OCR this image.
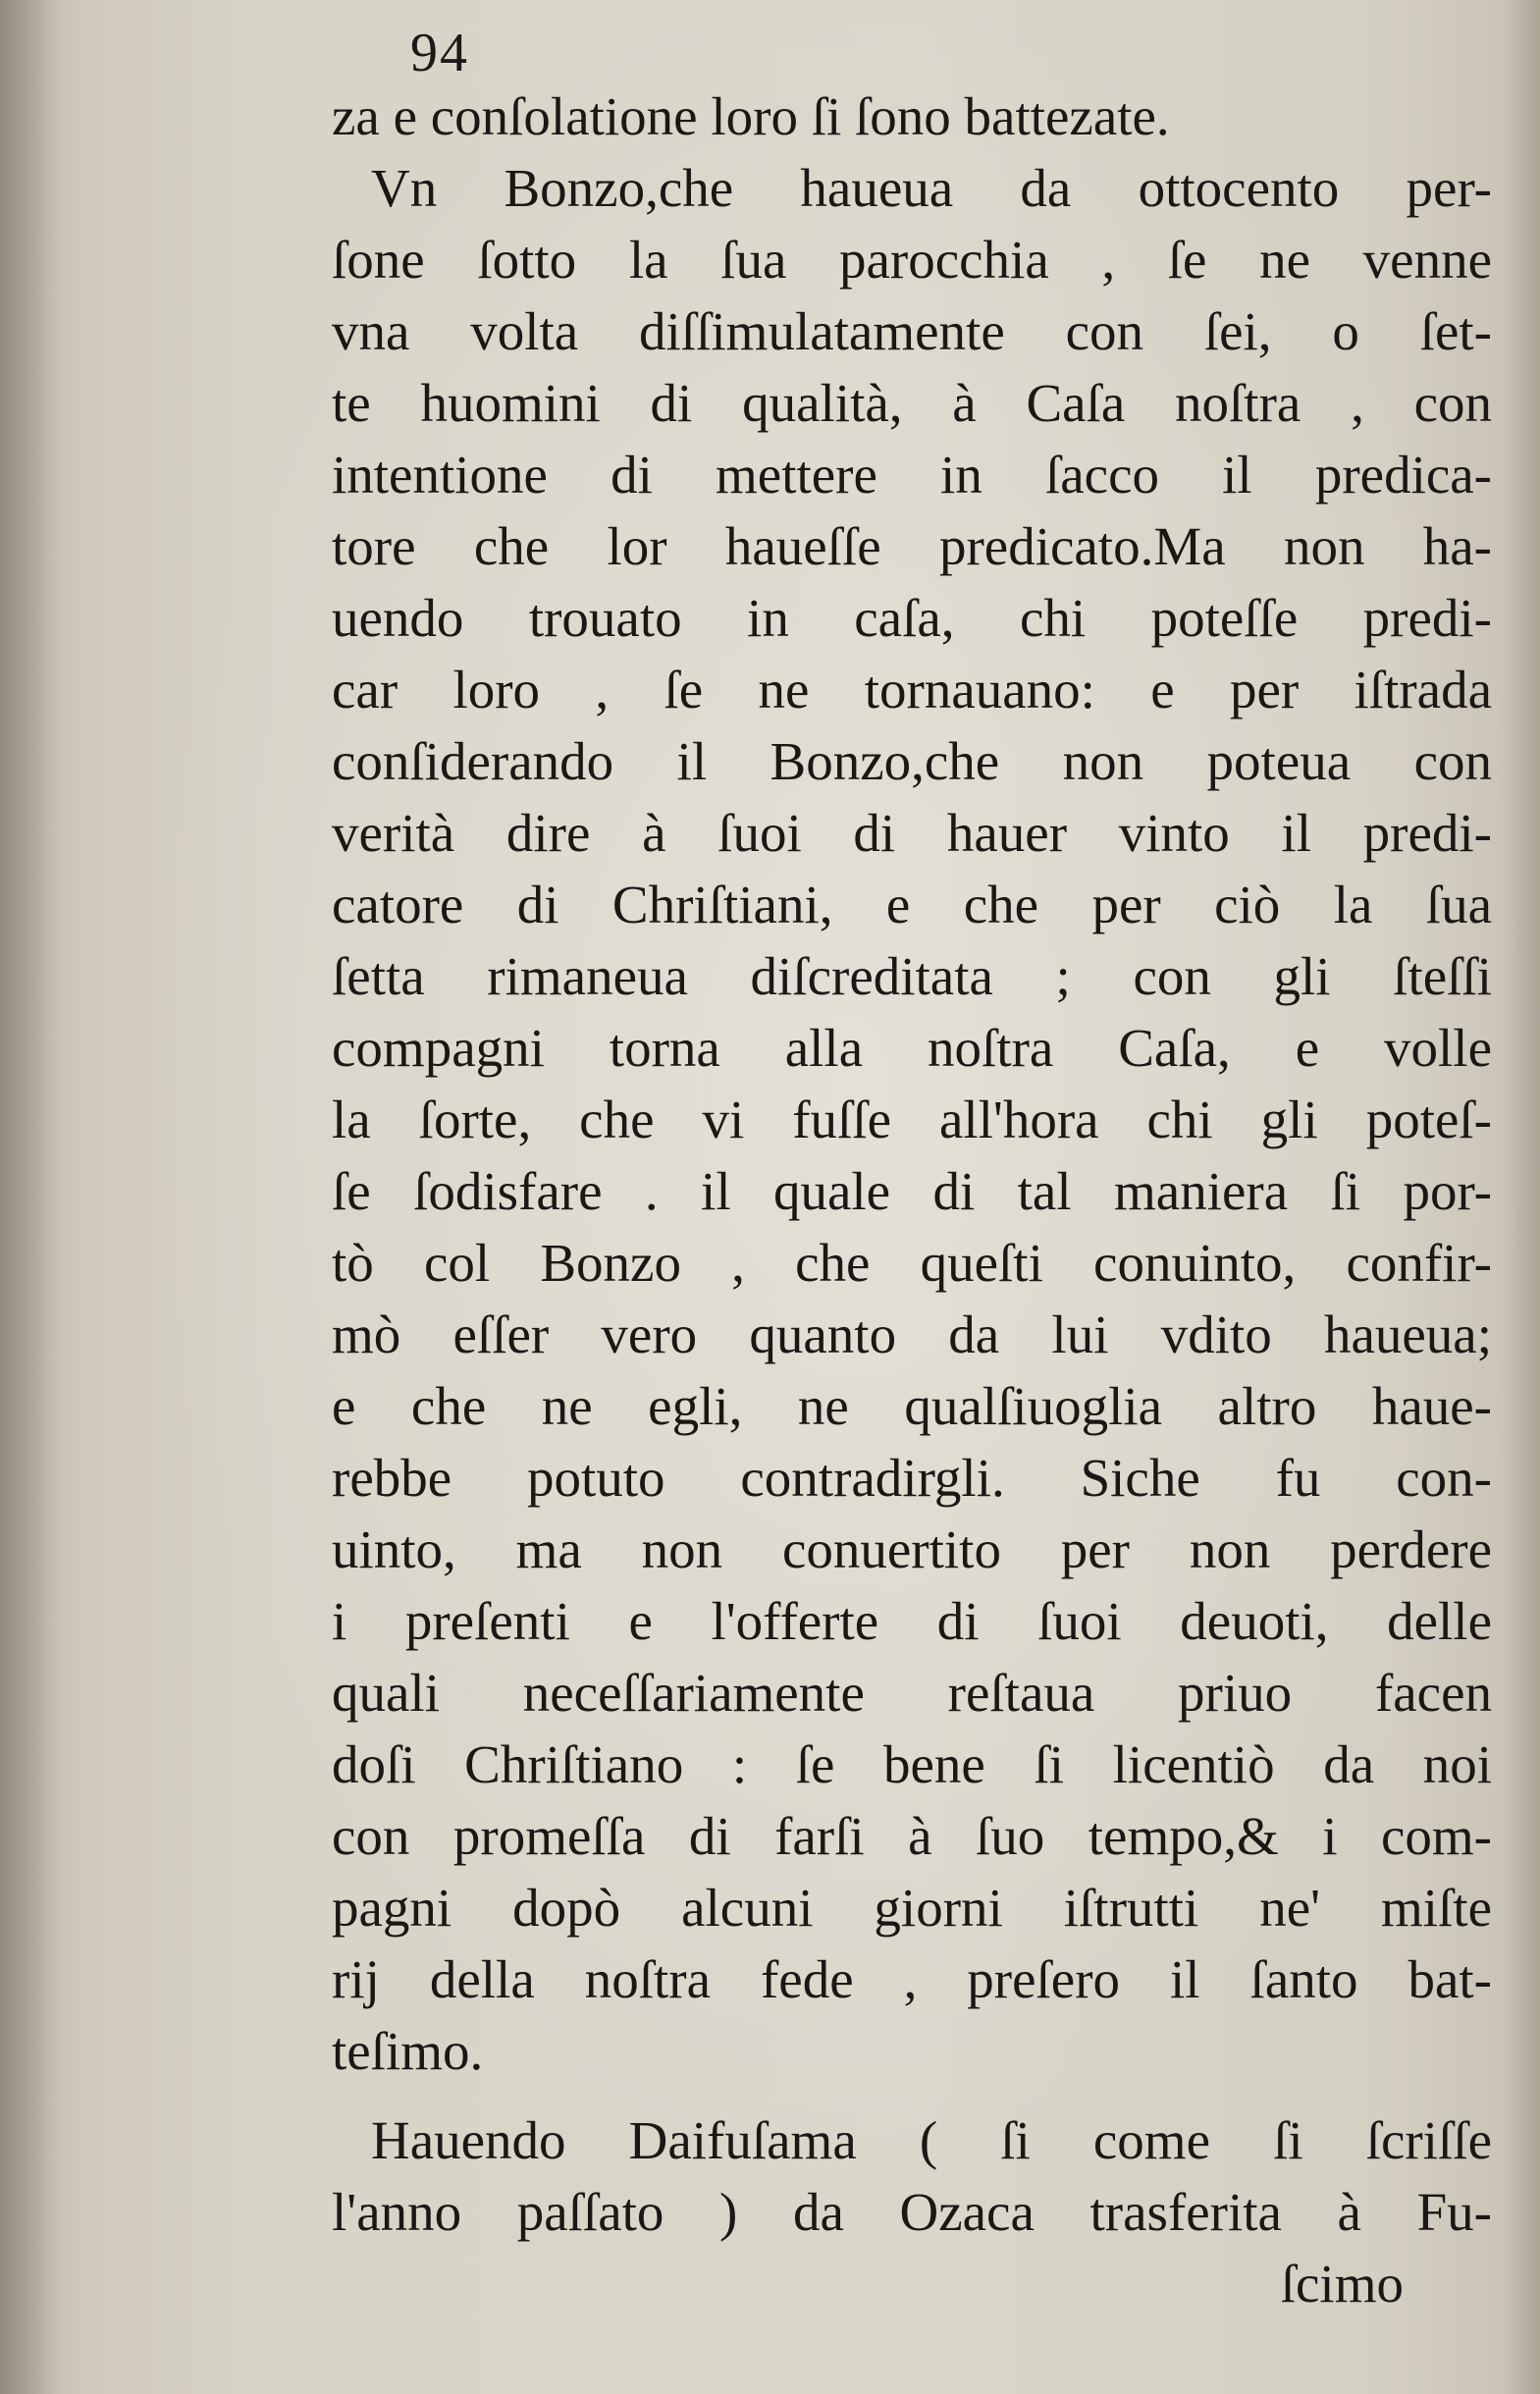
94
za e conſolatione loro ſi ſono battezate.
Vn Bonzo,che haueua da ottocento per-
ſone ſotto la ſua parocchia , ſe ne venne
vna volta diſſimulatamente con ſei, o ſet-
te huomini di qualità, à Caſa noſtra , con
intentione di mettere in ſacco il predica-
tore che lor haueſſe predicato.Ma non ha-
uendo trouato in caſa, chi poteſſe predi-
car loro , ſe ne tornauano: e per iſtrada
conſiderando il Bonzo,che non poteua con
verità dire à ſuoi di hauer vinto il predi-
catore di Chriſtiani, e che per ciò la ſua
ſetta rimaneua diſcreditata ; con gli ſteſſi
compagni torna alla noſtra Caſa, e volle
la ſorte, che vi fuſſe all'hora chi gli poteſ-
ſe ſodisfare . il quale di tal maniera ſi por-
tò col Bonzo , che queſti conuinto, confir-
mò eſſer vero quanto da lui vdito haueua;
e che ne egli, ne qualſiuoglia altro haue-
rebbe potuto contradirgli. Siche fu con-
uinto, ma non conuertito per non perdere
i preſenti e l'offerte di ſuoi deuoti, delle
quali neceſſariamente reſtaua priuo facen
doſi Chriſtiano : ſe bene ſi licentiò da noi
con promeſſa di farſi à ſuo tempo,& i com-
pagni dopò alcuni giorni iſtrutti ne' miſte
rij della noſtra fede , preſero il ſanto bat-
teſimo.
Hauendo Daifuſama ( ſi come ſi ſcriſſe
l'anno paſſato ) da Ozaca trasferita à Fu-
ſcimo
